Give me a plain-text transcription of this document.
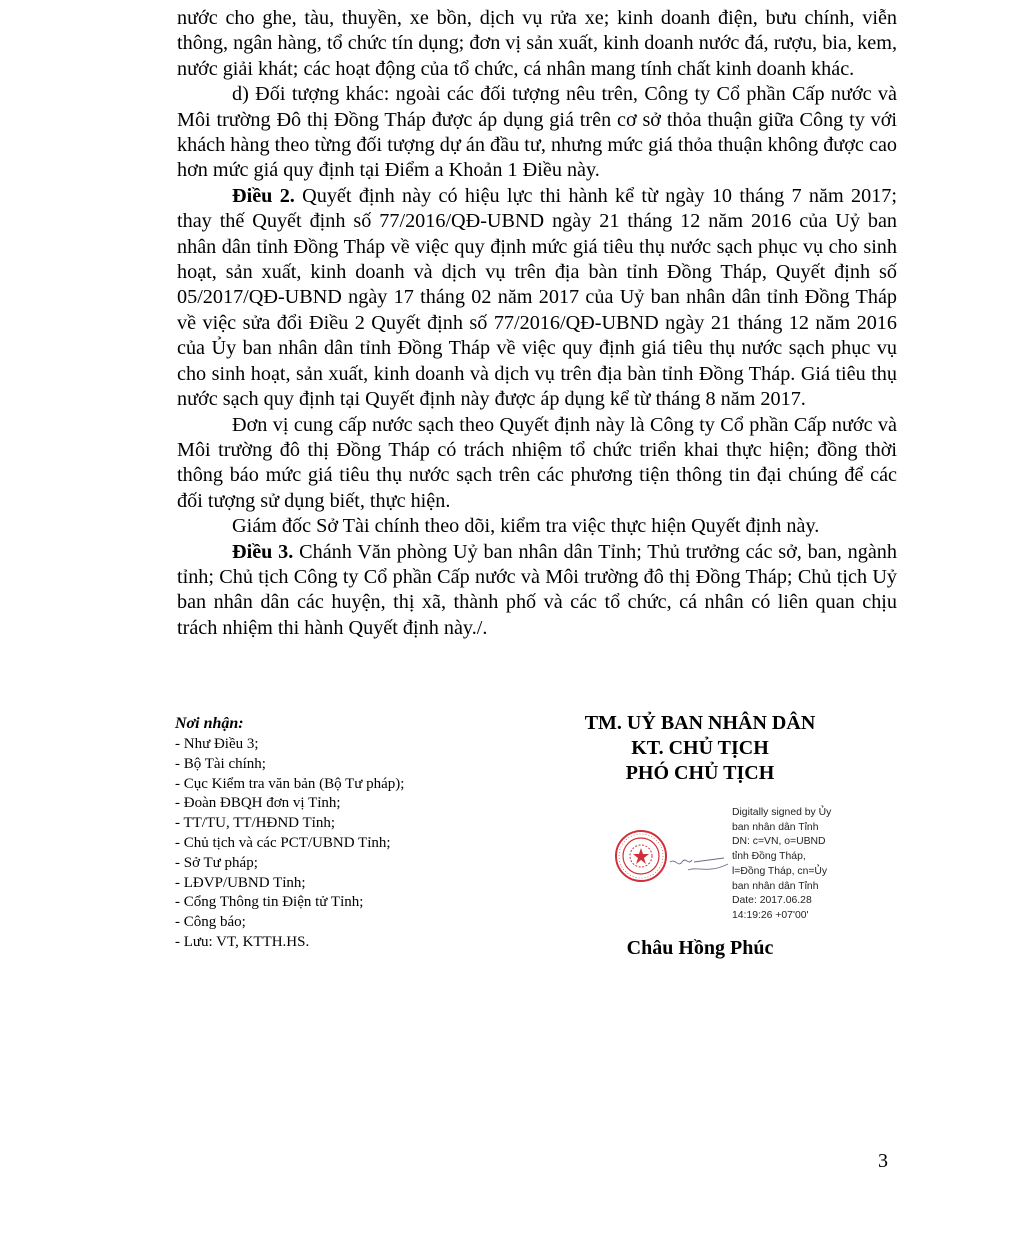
nước cho ghe, tàu, thuyền, xe bồn, dịch vụ rửa xe; kinh doanh điện, bưu chính, viễn thông, ngân hàng, tổ chức tín dụng; đơn vị sản xuất, kinh doanh nước đá, rượu, bia, kem, nước giải khát; các hoạt động của tổ chức, cá nhân mang tính chất kinh doanh khác.

d) Đối tượng khác: ngoài các đối tượng nêu trên, Công ty Cổ phần Cấp nước và Môi trường Đô thị Đồng Tháp được áp dụng giá trên cơ sở thỏa thuận giữa Công ty với khách hàng theo từng đối tượng dự án đầu tư, nhưng mức giá thỏa thuận không được cao hơn mức giá quy định tại Điểm a Khoản 1 Điều này.

Điều 2. Quyết định này có hiệu lực thi hành kể từ ngày 10 tháng 7 năm 2017; thay thế Quyết định số 77/2016/QĐ-UBND ngày 21 tháng 12 năm 2016 của Uỷ ban nhân dân tỉnh Đồng Tháp về việc quy định mức giá tiêu thụ nước sạch phục vụ cho sinh hoạt, sản xuất, kinh doanh và dịch vụ trên địa bàn tỉnh Đồng Tháp, Quyết định số 05/2017/QĐ-UBND ngày 17 tháng 02 năm 2017 của Uỷ ban nhân dân tỉnh Đồng Tháp về việc sửa đổi Điều 2 Quyết định số 77/2016/QĐ-UBND ngày 21 tháng 12 năm 2016 của Ủy ban nhân dân tỉnh Đồng Tháp về việc quy định giá tiêu thụ nước sạch phục vụ cho sinh hoạt, sản xuất, kinh doanh và dịch vụ trên địa bàn tỉnh Đồng Tháp. Giá tiêu thụ nước sạch quy định tại Quyết định này được áp dụng kể từ tháng 8 năm 2017.

Đơn vị cung cấp nước sạch theo Quyết định này là Công ty Cổ phần Cấp nước và Môi trường đô thị Đồng Tháp có trách nhiệm tổ chức triển khai thực hiện; đồng thời thông báo mức giá tiêu thụ nước sạch trên các phương tiện thông tin đại chúng để các đối tượng sử dụng biết, thực hiện.

Giám đốc Sở Tài chính theo dõi, kiểm tra việc thực hiện Quyết định này.

Điều 3. Chánh Văn phòng Uỷ ban nhân dân Tỉnh; Thủ trưởng các sở, ban, ngành tỉnh; Chủ tịch Công ty Cổ phần Cấp nước và Môi trường đô thị Đồng Tháp; Chủ tịch Uỷ ban nhân dân các huyện, thị xã, thành phố và các tổ chức, cá nhân có liên quan chịu trách nhiệm thi hành Quyết định này./.

Nơi nhận:
- Như Điều 3;
- Bộ Tài chính;
- Cục Kiểm tra văn bản (Bộ Tư pháp);
- Đoàn ĐBQH đơn vị Tỉnh;
- TT/TU, TT/HĐND Tỉnh;
- Chủ tịch và các PCT/UBND Tỉnh;
- Sở Tư pháp;
- LĐVP/UBND Tỉnh;
- Cổng Thông tin Điện tử Tỉnh;
- Công báo;
- Lưu: VT, KTTH.HS.
TM. UỶ BAN NHÂN DÂN
KT. CHỦ TỊCH
PHÓ CHỦ TỊCH
Digitally signed by Ủy
ban nhân dân Tỉnh
DN: c=VN, o=UBND
tỉnh Đồng Tháp,
l=Đồng Tháp, cn=Ủy
ban nhân dân Tỉnh
Date: 2017.06.28
14:19:26 +07'00'
Châu Hồng Phúc
3
